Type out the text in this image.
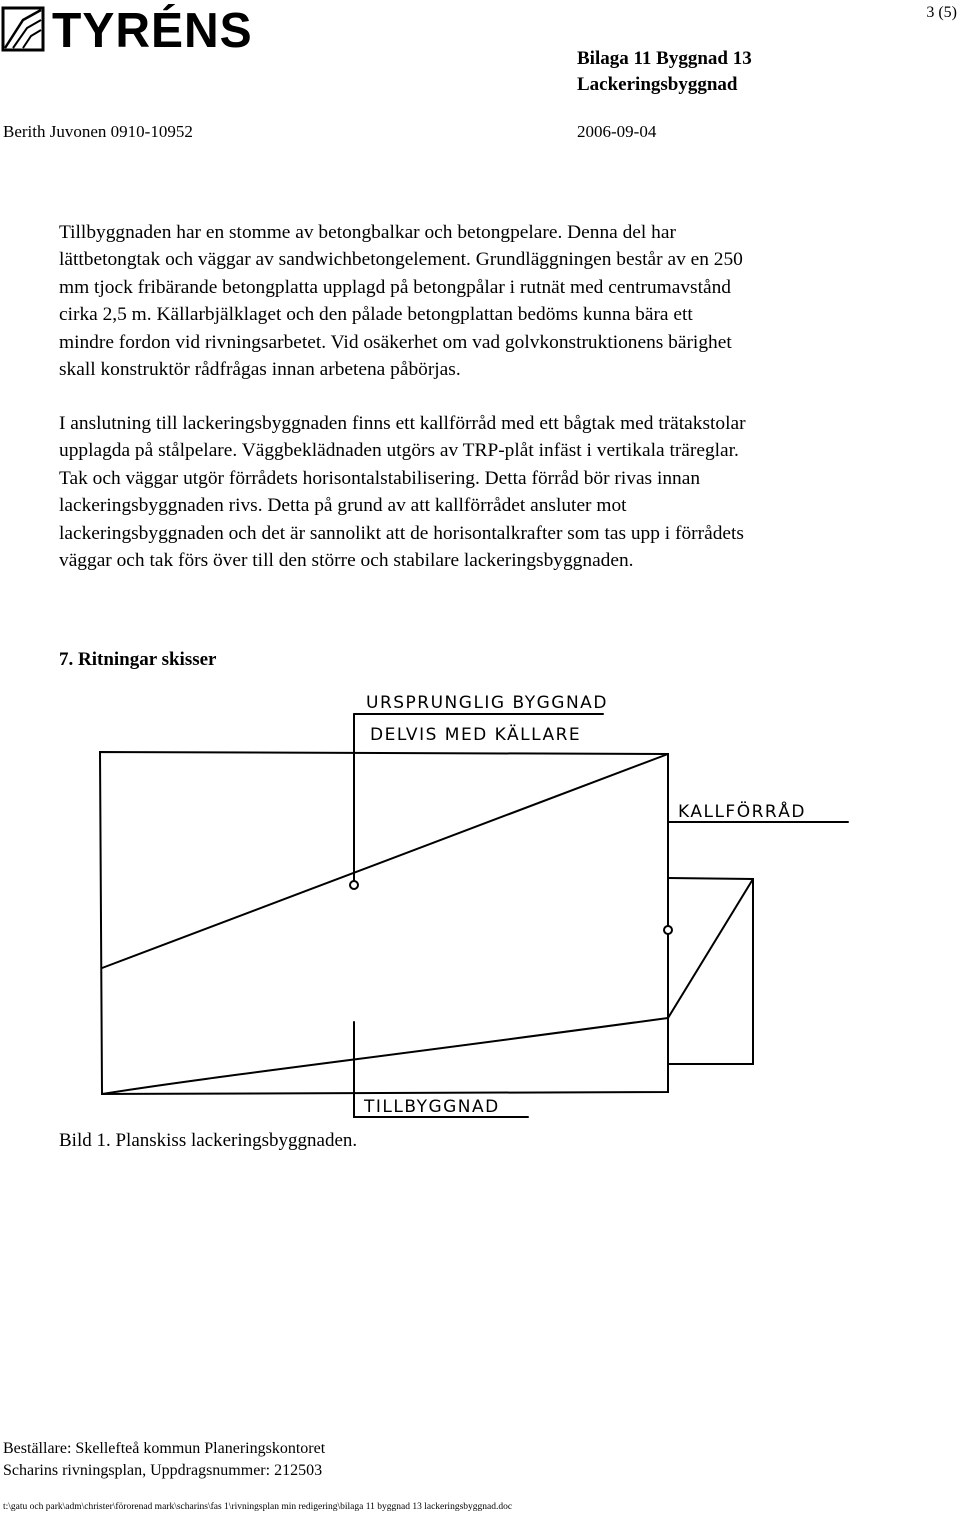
TYRÉNS	3 (5)
Bilaga 11 Byggnad 13
Lackeringsbyggnad
Berith Juvonen 0910-10952	2006-09-04
Tillbyggnaden har en stomme av betongbalkar och betongpelare. Denna del har
lättbetongtak och väggar av sandwichbetongelement. Grundläggningen består av en 250
mm tjock fribärande betongplatta upplagd på betongpålar i rutnät med centrumavstånd
cirka 2,5 m. Källarbjälklaget och den pålade betongplattan bedöms kunna bära ett
mindre fordon vid rivningsarbetet. Vid osäkerhet om vad golvkonstruktionens bärighet
skall konstruktör rådfrågas innan arbetena påbörjas.
I anslutning till lackeringsbyggnaden finns ett kallförråd med ett bågtak med trätakstolar
upplagda på stålpelare. Väggbeklädnaden utgörs av TRP-plåt infäst i vertikala träreglar.
Tak och väggar utgör förrådets horisontalstabilisering. Detta förråd bör rivas innan
lackeringsbyggnaden rivs. Detta på grund av att kallförrådet ansluter mot
lackeringsbyggnaden och det är sannolikt att de horisontalkrafter som tas upp i förrådets
väggar och tak förs över till den större och stabilare lackeringsbyggnaden.
7. Ritningar skisser
URSPRUNGLIG BYGGNAD
DELVIS MED KÄLLARE
KALLFÖRRÅD
TILLBYGGNAD
Bild 1. Planskiss lackeringsbyggnaden.
Beställare: Skellefteå kommun Planeringskontoret
Scharins rivningsplan, Uppdragsnummer: 212503
t:\gatu och park\adm\christer\förorenad mark\scharins\fas 1\rivningsplan min redigering\bilaga 11 byggnad 13 lackeringsbyggnad.doc
